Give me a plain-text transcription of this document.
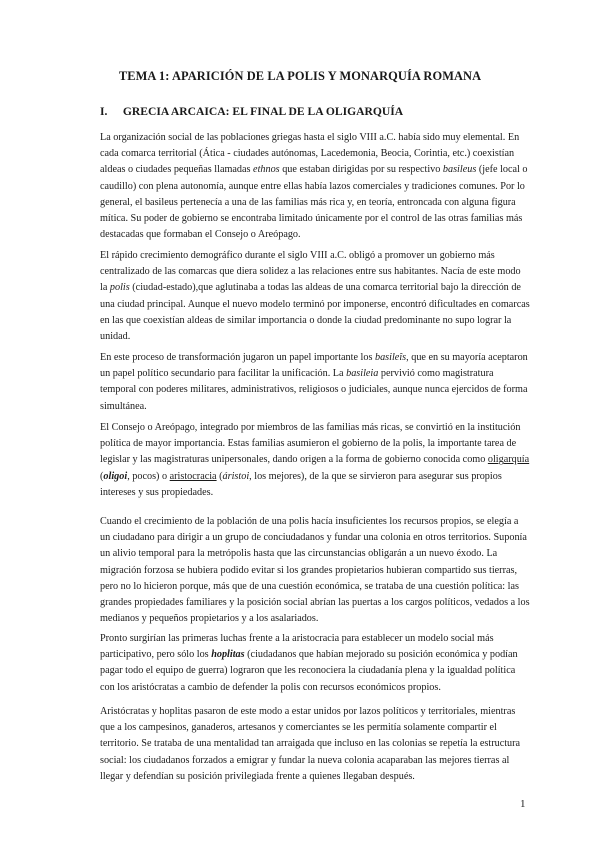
TEMA 1: APARICIÓN DE LA POLIS Y MONARQUÍA ROMANA
I. GRECIA ARCAICA: EL FINAL DE LA OLIGARQUÍA

La organización social de las poblaciones griegas hasta el siglo VIII a.C. había sido muy elemental. En cada comarca territorial (Ática - ciudades autónomas, Lacedemonia, Beocia, Corintia, etc.) coexistían aldeas o ciudades pequeñas llamadas ethnos que estaban dirigidas por su respectivo basileus (jefe local o caudillo) con plena autonomía, aunque entre ellas había lazos comerciales y tradiciones comunes. Por lo general, el basileus pertenecía a una de las familias más rica y, en teoría, entroncada con alguna figura mítica. Su poder de gobierno se encontraba limitado únicamente por el control de las otras familias más destacadas que formaban el Consejo o Areópago.

El rápido crecimiento demográfico durante el siglo VIII a.C. obligó a promover un gobierno más centralizado de las comarcas que diera solidez a las relaciones entre sus habitantes. Nacía de este modo la polis (ciudad-estado),que aglutinaba a todas las aldeas de una comarca territorial bajo la dirección de una ciudad principal. Aunque el nuevo modelo terminó por imponerse, encontró dificultades en comarcas en las que coexistían aldeas de similar importancia o donde la ciudad predominante no supo lograr la unidad.

En este proceso de transformación jugaron un papel importante los basileîs, que en su mayoría aceptaron un papel político secundario para facilitar la unificación. La basileia pervivió como magistratura temporal con poderes militares, administrativos, religiosos o judiciales, aunque nunca ejercidos de forma simultánea.

El Consejo o Areópago, integrado por miembros de las familias más ricas, se convirtió en la institución política de mayor importancia. Estas familias asumieron el gobierno de la polis, la importante tarea de legislar y las magistraturas unipersonales, dando origen a la forma de gobierno conocida como oligarquía (oligoi, pocos) o aristocracia (áristoi, los mejores), de la que se sirvieron para asegurar sus propios intereses y sus propiedades.

Cuando el crecimiento de la población de una polis hacía insuficientes los recursos propios, se elegía a un ciudadano para dirigir a un grupo de conciudadanos y fundar una colonia en otros territorios. Suponía un alivio temporal para la metrópolis hasta que las circunstancias obligarán a un nuevo éxodo. La migración forzosa se hubiera podido evitar si los grandes propietarios hubieran compartido sus tierras, pero no lo hicieron porque, más que de una cuestión económica, se trataba de una cuestión política: las grandes propiedades familiares y la posición social abrían las puertas a los cargos políticos, vedados a los medianos y pequeños propietarios y a los asalariados.

Pronto surgirían las primeras luchas frente a la aristocracia para establecer un modelo social más participativo, pero sólo los hoplitas (ciudadanos que habían mejorado su posición económica y podían pagar todo el equipo de guerra) lograron que les reconociera la ciudadanía plena y la igualdad política con los aristócratas a cambio de defender la polis con recursos económicos propios.

Aristócratas y hoplitas pasaron de este modo a estar unidos por lazos políticos y territoriales, mientras que a los campesinos, ganaderos, artesanos y comerciantes se les permitía solamente compartir el territorio. Se trataba de una mentalidad tan arraigada que incluso en las colonias se repetía la estructura social: los ciudadanos forzados a emigrar y fundar la nueva colonia acaparaban las mejores tierras al llegar y defendían su posición privilegiada frente a quienes llegaban después.

1
